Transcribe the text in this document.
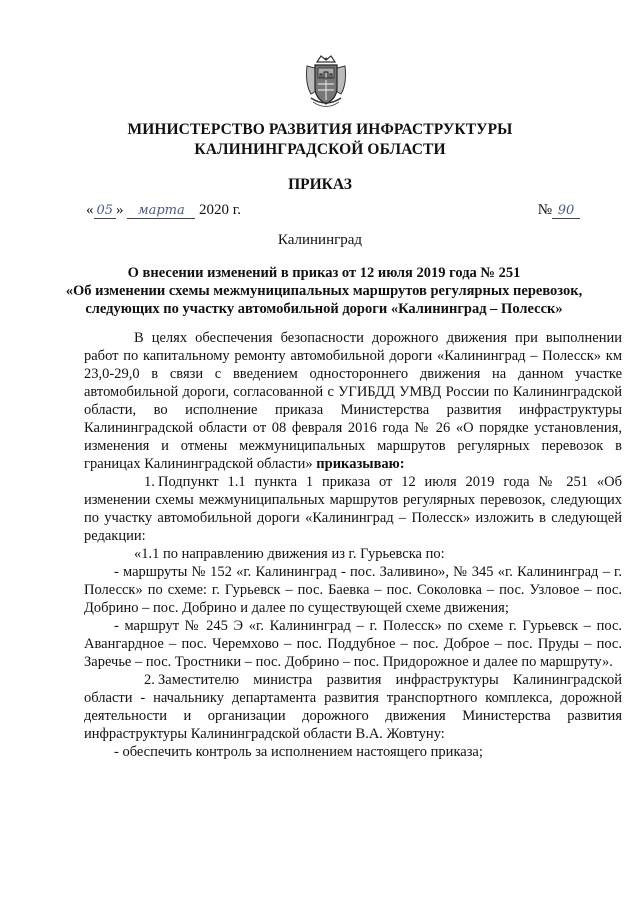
МИНИСТЕРСТВО РАЗВИТИЯ ИНФРАСТРУКТУРЫ
КАЛИНИНГРАДСКОЙ ОБЛАСТИ
ПРИКАЗ
« 05 » марта 2020 г.	№ 90
Калининград
О внесении изменений в приказ от 12 июля 2019 года № 251
«Об изменении схемы межмуниципальных маршрутов регулярных перевозок,
следующих по участку автомобильной дороги «Калининград – Полесск»

В целях обеспечения безопасности дорожного движения при выполнении работ по капитальному ремонту автомобильной дороги «Калининград – Полесск» км 23,0-29,0 в связи с введением одностороннего движения на данном участке автомобильной дороги, согласованной с УГИБДД УМВД России по Калининградской области, во исполнение приказа Министерства развития инфраструктуры Калининградской области от 08 февраля 2016 года № 26 «О порядке установления, изменения и отмены межмуниципальных маршрутов регулярных перевозок в границах Калининградской области» приказываю:

1. Подпункт 1.1 пункта 1 приказа от 12 июля 2019 года № 251 «Об изменении схемы межмуниципальных маршрутов регулярных перевозок, следующих по участку автомобильной дороги «Калининград – Полесск» изложить в следующей редакции:

«1.1 по направлению движения из г. Гурьевска по:

- маршруты № 152 «г. Калининград - пос. Заливино», № 345 «г. Калининград – г. Полесск» по схеме: г. Гурьевск – пос. Баевка – пос. Соколовка – пос. Узловое – пос. Добрино – пос. Добрино и далее по существующей схеме движения;

- маршрут № 245 Э «г. Калининград – г. Полесск» по схеме г. Гурьевск – пос. Авангардное – пос. Черемхово – пос. Поддубное – пос. Доброе – пос. Пруды – пос. Заречье – пос. Тростники – пос. Добрино – пос. Придорожное и далее по маршруту».

2. Заместителю министра развития инфраструктуры Калининградской области - начальнику департамента развития транспортного комплекса, дорожной деятельности и организации дорожного движения Министерства развития инфраструктуры Калининградской области В.А. Жовтуну:

- обеспечить контроль за исполнением настоящего приказа;
